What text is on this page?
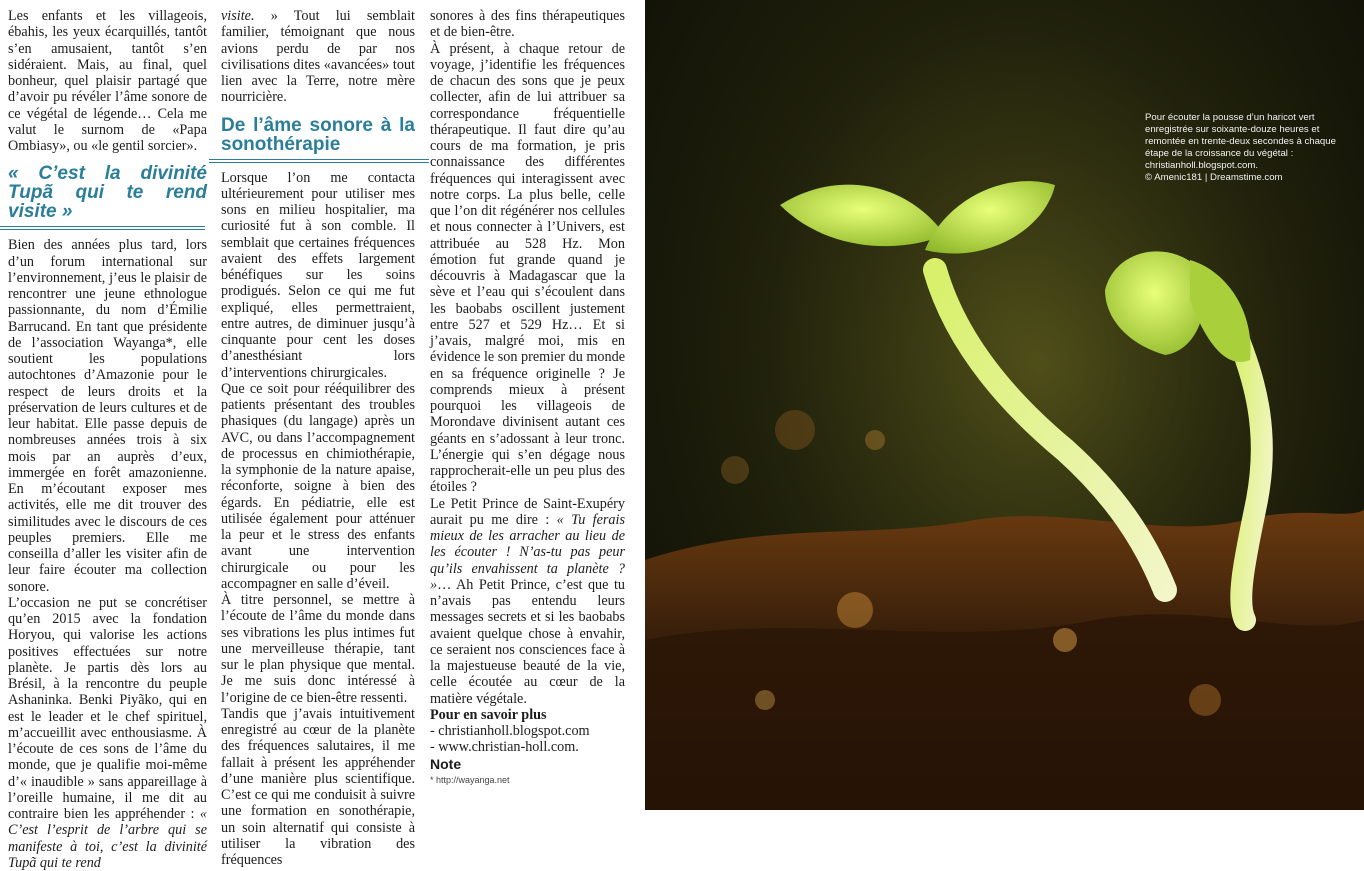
Les enfants et les villageois, ébahis, les yeux écarquillés, tantôt s’en amusaient, tantôt s’en sidéraient. Mais, au final, quel bonheur, quel plaisir partagé que d’avoir pu révéler l’âme sonore de ce végétal de légende… Cela me valut le surnom de «Papa Ombiasy», ou «le gentil sorcier».

« C’est la divinité Tupã qui te rend visite »

Bien des années plus tard, lors d’un forum international sur l’environnement, j’eus le plaisir de rencontrer une jeune ethnologue passionnante, du nom d’Émilie Barrucand. En tant que présidente de l’association Wayanga*, elle soutient les populations autochtones d’Amazonie pour le respect de leurs droits et la préservation de leurs cultures et de leur habitat. Elle passe depuis de nombreuses années trois à six mois par an auprès d’eux, immergée en forêt amazonienne. En m’écoutant exposer mes activités, elle me dit trouver des similitudes avec le discours de ces peuples premiers. Elle me conseilla d’aller les visiter afin de leur faire écouter ma collection sonore.

L’occasion ne put se concrétiser qu’en 2015 avec la fondation Horyou, qui valorise les actions positives effectuées sur notre planète. Je partis dès lors au Brésil, à la rencontre du peuple Ashaninka. Benki Piyãko, qui en est le leader et le chef spirituel, m’accueillit avec enthousiasme. À l’écoute de ces sons de l’âme du monde, que je qualifie moi-même d’« inaudible » sans appareillage à l’oreille humaine, il me dit au contraire bien les appréhender : « C’est l’esprit de l’arbre qui se manifeste à toi, c’est la divinité Tupã qui te rend

visite. » Tout lui semblait familier, témoignant que nous avions perdu de par nos civilisations dites «avancées» tout lien avec la Terre, notre mère nourricière.

De l’âme sonore à la sonothérapie

Lorsque l’on me contacta ultérieurement pour utiliser mes sons en milieu hospitalier, ma curiosité fut à son comble. Il semblait que certaines fréquences avaient des effets largement bénéfiques sur les soins prodigués. Selon ce qui me fut expliqué, elles permettraient, entre autres, de diminuer jusqu’à cinquante pour cent les doses d’anesthésiant lors d’interventions chirurgicales.

Que ce soit pour rééquilibrer des patients présentant des troubles phasiques (du langage) après un AVC, ou dans l’accompagnement de processus en chimiothérapie, la symphonie de la nature apaise, réconforte, soigne à bien des égards. En pédiatrie, elle est utilisée également pour atténuer la peur et le stress des enfants avant une intervention chirurgicale ou pour les accompagner en salle d’éveil.

À titre personnel, se mettre à l’écoute de l’âme du monde dans ses vibrations les plus intimes fut une merveilleuse thérapie, tant sur le plan physique que mental. Je me suis donc intéressé à l’origine de ce bien-être ressenti.

Tandis que j’avais intuitivement enregistré au cœur de la planète des fréquences salutaires, il me fallait à présent les appréhender d’une manière plus scientifique. C’est ce qui me conduisit à suivre une formation en sonothérapie, un soin alternatif qui consiste à utiliser la vibration des fréquences

sonores à des fins thérapeutiques et de bien-être.

À présent, à chaque retour de voyage, j’identifie les fréquences de chacun des sons que je peux collecter, afin de lui attribuer sa correspondance fréquentielle thérapeutique. Il faut dire qu’au cours de ma formation, je pris connaissance des différentes fréquences qui interagissent avec notre corps. La plus belle, celle que l’on dit régénérer nos cellules et nous connecter à l’Univers, est attribuée au 528 Hz. Mon émotion fut grande quand je découvris à Madagascar que la sève et l’eau qui s’écoulent dans les baobabs oscillent justement entre 527 et 529 Hz… Et si j’avais, malgré moi, mis en évidence le son premier du monde en sa fréquence originelle ? Je comprends mieux à présent pourquoi les villageois de Morondave divinisent autant ces géants en s’adossant à leur tronc. L’énergie qui s’en dégage nous rapprocherait-elle un peu plus des étoiles ?

Le Petit Prince de Saint-Exupéry aurait pu me dire : « Tu ferais mieux de les arracher au lieu de les écouter ! N’as-tu pas peur qu’ils envahissent ta planète ? »… Ah Petit Prince, c’est que tu n’avais pas entendu leurs messages secrets et si les baobabs avaient quelque chose à envahir, ce seraient nos consciences face à la majestueuse beauté de la vie, celle écoutée au cœur de la matière végétale.

Pour en savoir plus

- christianholl.blogspot.com

- www.christian-holl.com.

Note

* http://wayanga.net

Pour écouter la pousse d’un haricot vert enregistrée sur soixante-douze heures et remontée en trente-deux secondes à chaque étape de la croissance du végétal : christianholl.blogspot.com.

© Amenic181 | Dreamstime.com
